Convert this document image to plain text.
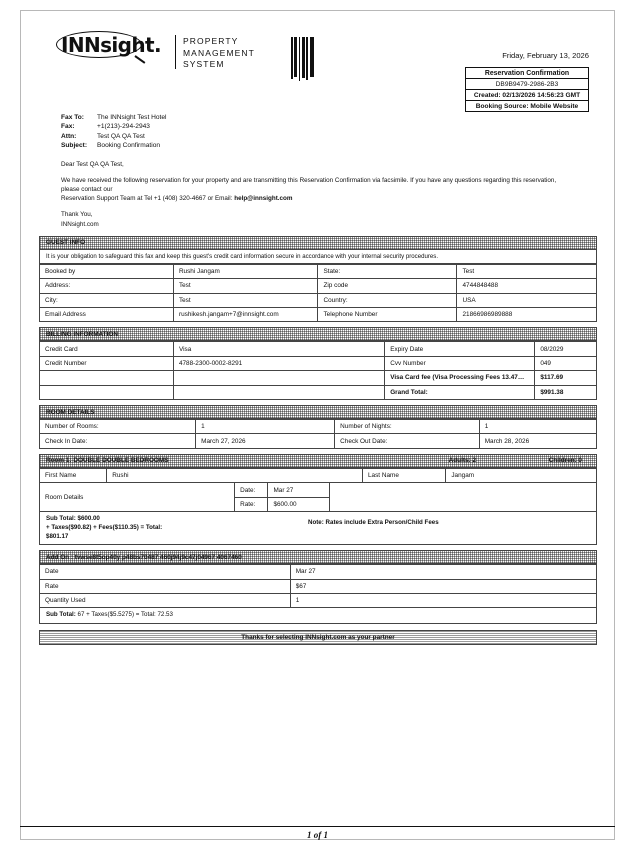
INNsight.	PROPERTY
MANAGEMENT
SYSTEM
Friday, February 13, 2026
Reservation Confirmation
DB9B9479-2986-2B3
Created: 02/13/2026 14:56:23 GMT
Booking Source: Mobile Website
Fax To:	The INNsight Test Hotel
Fax:	+1(213)-294-2943
Attn:	Test QA QA Test
Subject:	Booking Confirmation

Dear Test QA QA Test,

We have received the following reservation for your property and are transmitting this Reservation Confirmation via facsimile. If you have any questions regarding this reservation, please contact our
Reservation Support Team at Tel +1 (408) 320-4667 or Email: help@innsight.com

Thank You,
INNsight.com

GUEST INFO
It is your obligation to safeguard this fax and keep this guest's credit card information secure in accordance with your internal security procedures.
Booked by	Rushi Jangam	State:	Test
Address:	Test	Zip code	4744848488
City:	Test	Country:	USA
Email Address	rushikesh.jangam+7@innsight.com	Telephone Number	21866986989888
BILLING INFORMATION
Credit Card	Visa	Expiry Date	08/2029
Credit Number	4788-2300-0002-8291	Cvv Number	049
		Visa Card fee (Visa Processing Fees 13.47%) :	$117.69
		Grand Total:	$991.38
ROOM DETAILS
Number of Rooms:	1	Number of Nights:	1
Check In Date:	March 27, 2026	Check Out Date:	March 28, 2026
Room 1: DOUBLE DOUBLE BEDROOMS	Adults: 2	Children: 0
First Name	Rushi	Last Name	Jangam
Room Details	Date:	Mar 27	
	Rate:	$600.00	
Sub Total: $600.00
+ Taxes($90.82) + Fees($110.35) = Total:
$801.17
Note: Rates include Extra Person/Child Fees
Add On : tvwse8t5op40y p48bs70487 460j94j9c47j04967 4067460
Date	Mar 27
Rate	$67
Quantity Used	1
Sub Total: 67 + Taxes($5.5275) = Total: 72.53
Thanks for selecting INNsight.com as your partner
1 of 1
